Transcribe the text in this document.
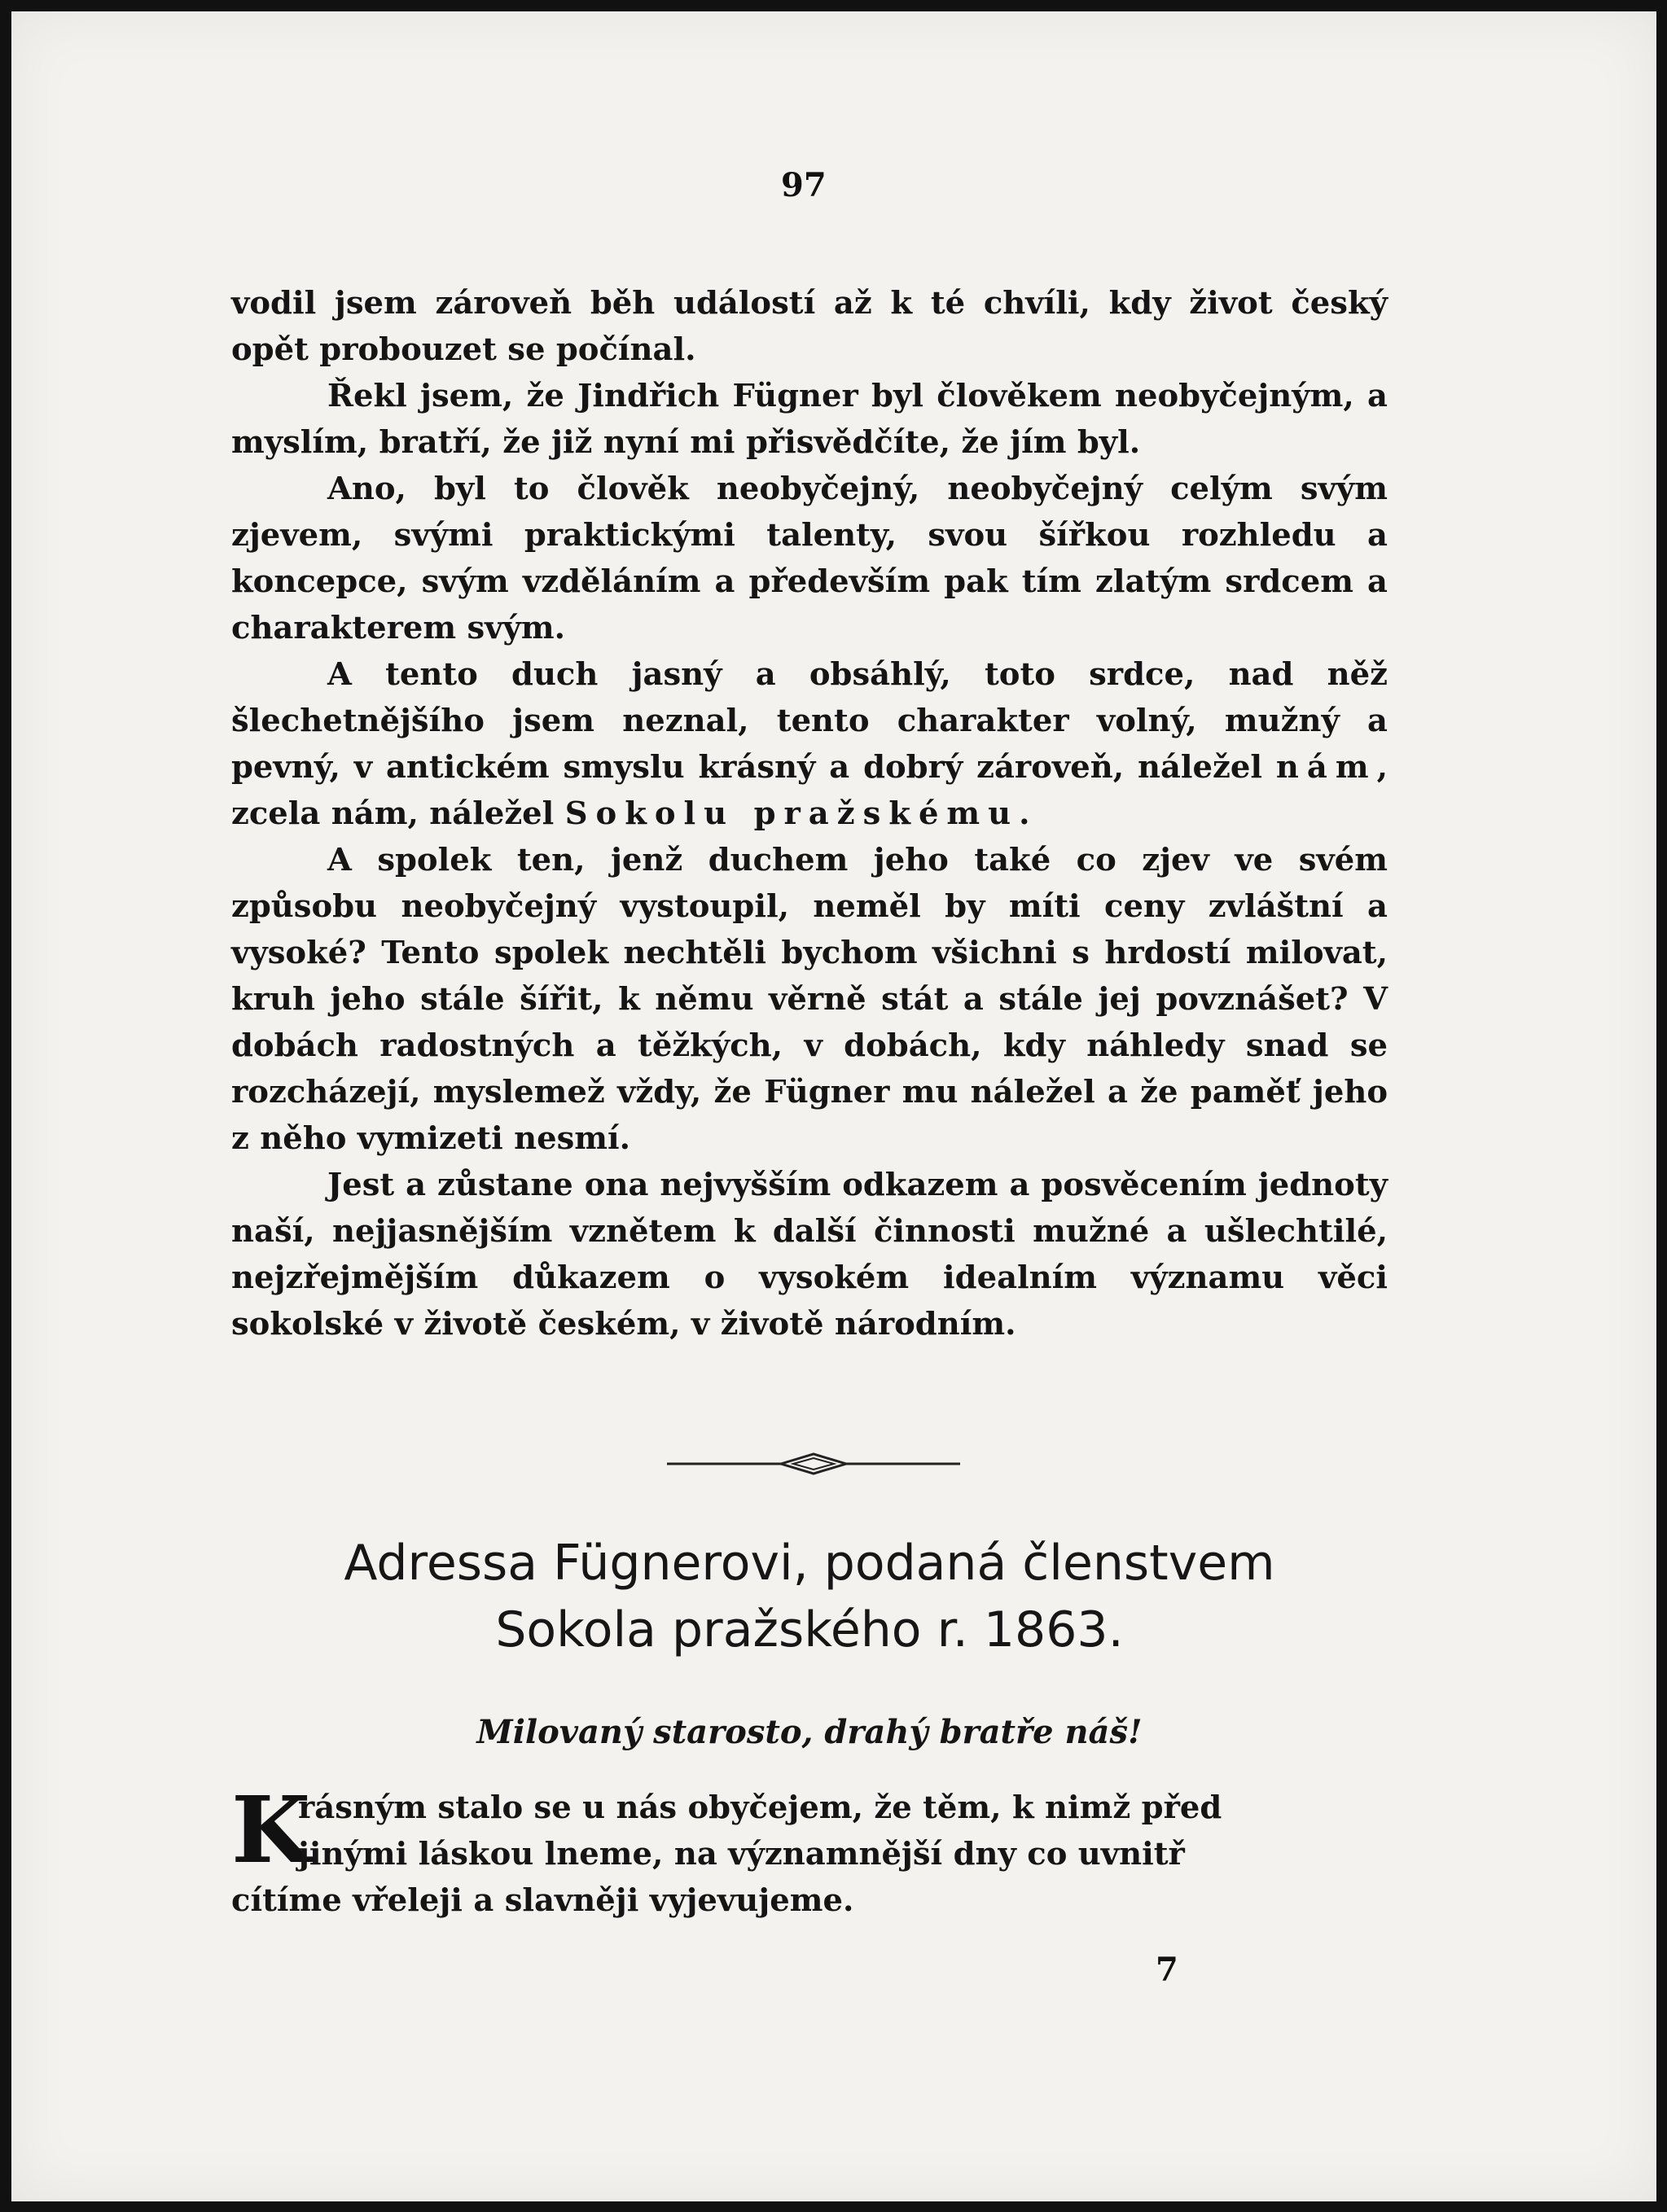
97

vodil jsem zároveň běh událostí až k té chvíli, kdy život český opět probouzet se počínal.

Řekl jsem, že Jindřich Fügner byl člověkem neobyčejným, a myslím, bratří, že již nyní mi přisvědčíte, že jím byl.

Ano, byl to člověk neobyčejný, neobyčejný celým svým zjevem, svými praktickými talenty, svou šířkou rozhledu a koncepce, svým vzděláním a především pak tím zlatým srdcem a charakterem svým.

A tento duch jasný a obsáhlý, toto srdce, nad něž šlechetnějšího jsem neznal, tento charakter volný, mužný a pevný, v antickém smyslu krásný a dobrý zároveň, náležel nám, zcela nám, náležel Sokolu pražskému.

A spolek ten, jenž duchem jeho také co zjev ve svém způsobu neobyčejný vystoupil, neměl by míti ceny zvláštní a vysoké? Tento spolek nechtěli bychom všichni s hrdostí milovat, kruh jeho stále šířit, k němu věrně stát a stále jej povznášet? V dobách radostných a těžkých, v dobách, kdy náhledy snad se rozcházejí, myslemež vždy, že Fügner mu náležel a že paměť jeho z něho vymizeti nesmí.

Jest a zůstane ona nejvyšším odkazem a posvěcením jednoty naší, nejjasnějším vznětem k další činnosti mužné a ušlechtilé, nejzřejmějším důkazem o vysokém idealním významu věci sokolské v životě českém, v životě národním.

Adressa Fügnerovi, podaná členstvem
Sokola pražského r. 1863.
Milovaný starosto, drahý bratře náš!
K
rásným stalo se u nás obyčejem, že těm, k nimž před
jinými láskou lneme, na významnější dny co uvnitř
cítíme vřeleji a slavněji vyjevujeme.
7
